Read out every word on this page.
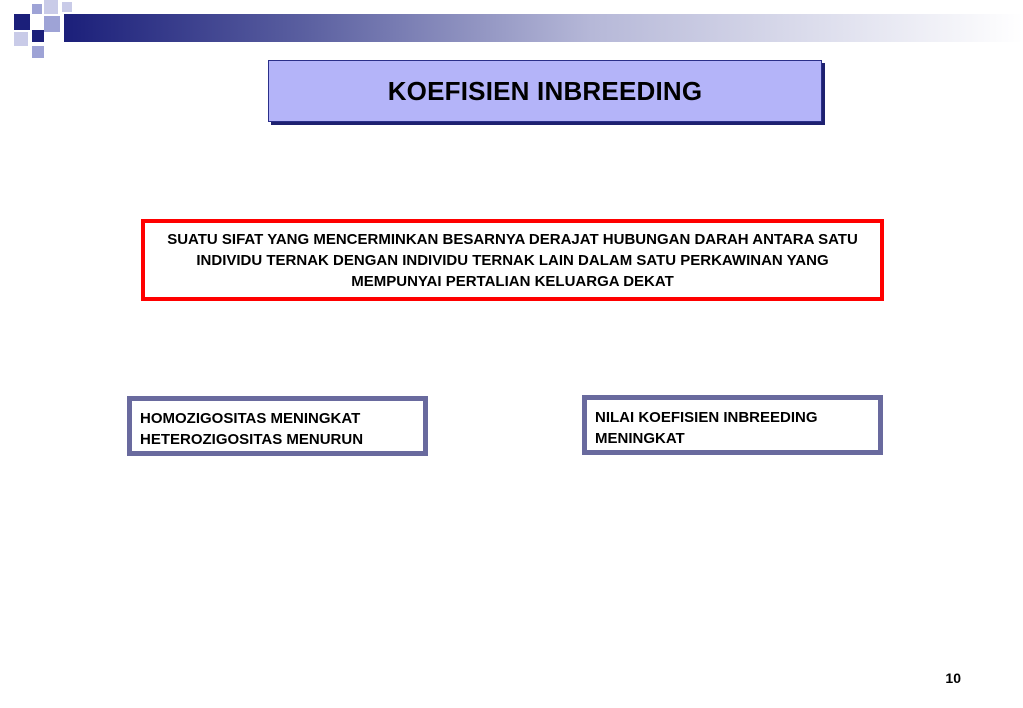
KOEFISIEN INBREEDING
SUATU SIFAT YANG MENCERMINKAN BESARNYA DERAJAT HUBUNGAN DARAH ANTARA SATU INDIVIDU TERNAK DENGAN INDIVIDU TERNAK LAIN DALAM SATU PERKAWINAN YANG MEMPUNYAI PERTALIAN KELUARGA DEKAT
HOMOZIGOSITAS MENINGKAT
HETEROZIGOSITAS MENURUN
NILAI KOEFISIEN INBREEDING
MENINGKAT
10
